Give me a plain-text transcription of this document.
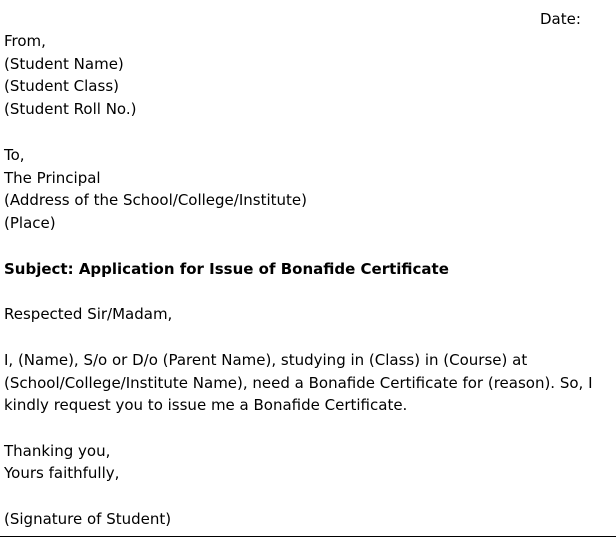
Date:
From,
(Student Name)
(Student Class)
(Student Roll No.)
To,
The Principal
(Address of the School/College/Institute)
(Place)
Subject: Application for Issue of Bonafide Certificate
Respected Sir/Madam,
I, (Name), S/o or D/o (Parent Name), studying in (Class) in (Course) at
(School/College/Institute Name), need a Bonafide Certificate for (reason). So, I
kindly request you to issue me a Bonafide Certificate.
Thanking you,
Yours faithfully,
(Signature of Student)
